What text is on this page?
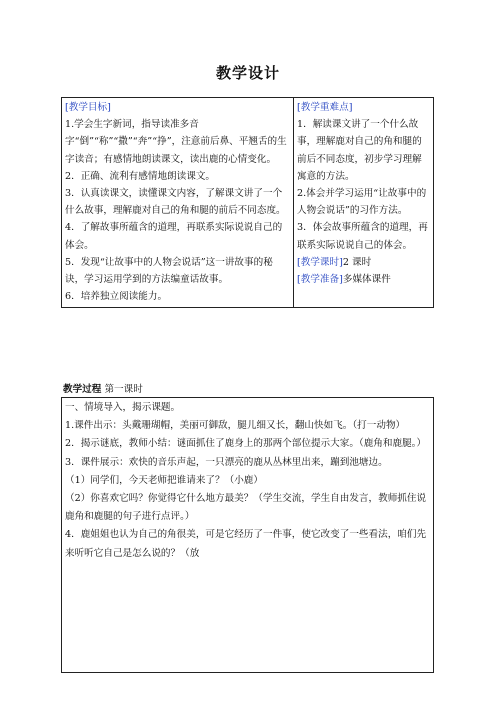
教学设计

[教学目标]

1.学会生字新词，指导读准多音字“倒”“称”“撒”“奔”“挣”，注意前后鼻、平翘舌的生字读音；有感情地朗读课文，读出鹿的心情变化。

2．正确、流利有感情地朗读课文。

3．认真读课文，读懂课文内容，了解课文讲了一个什么故事，理解鹿对自己的角和腿的前后不同态度。

4．了解故事所蕴含的道理，再联系实际说说自己的体会。

5．发现“让故事中的人物会说话”这一讲故事的秘诀，学习运用学到的方法编童话故事。

6．培养独立阅读能力。

[教学重难点]

1．解读课文讲了一个什么故事，理解鹿对自己的角和腿的前后不同态度，初步学习理解寓意的方法。

2.体会并学习运用“让故事中的人物会说话”的习作方法。

3．体会故事所蕴含的道理，再联系实际说说自己的体会。

[教学课时]2 课时

[教学准备]多媒体课件

教学过程 第一课时

一、情境导入，揭示课题。

1.课件出示：头戴珊瑚帽，美丽可御敌，腿儿细又长，翻山快如飞。（打一动物）

2．揭示谜底，教师小结：谜面抓住了鹿身上的那两个部位提示大家。（鹿角和鹿腿。）

3．课件展示：欢快的音乐声起，一只漂亮的鹿从丛林里出来，蹦到池塘边。

（1）同学们，今天老师把谁请来了？（小鹿）

（2）你喜欢它吗？你觉得它什么地方最美？（学生交流，学生自由发言，教师抓住说鹿角和鹿腿的句子进行点评。）

4．鹿姐姐也认为自己的角很美，可是它经历了一件事，使它改变了一些看法，咱们先来听听它自己是怎么说的？（放
